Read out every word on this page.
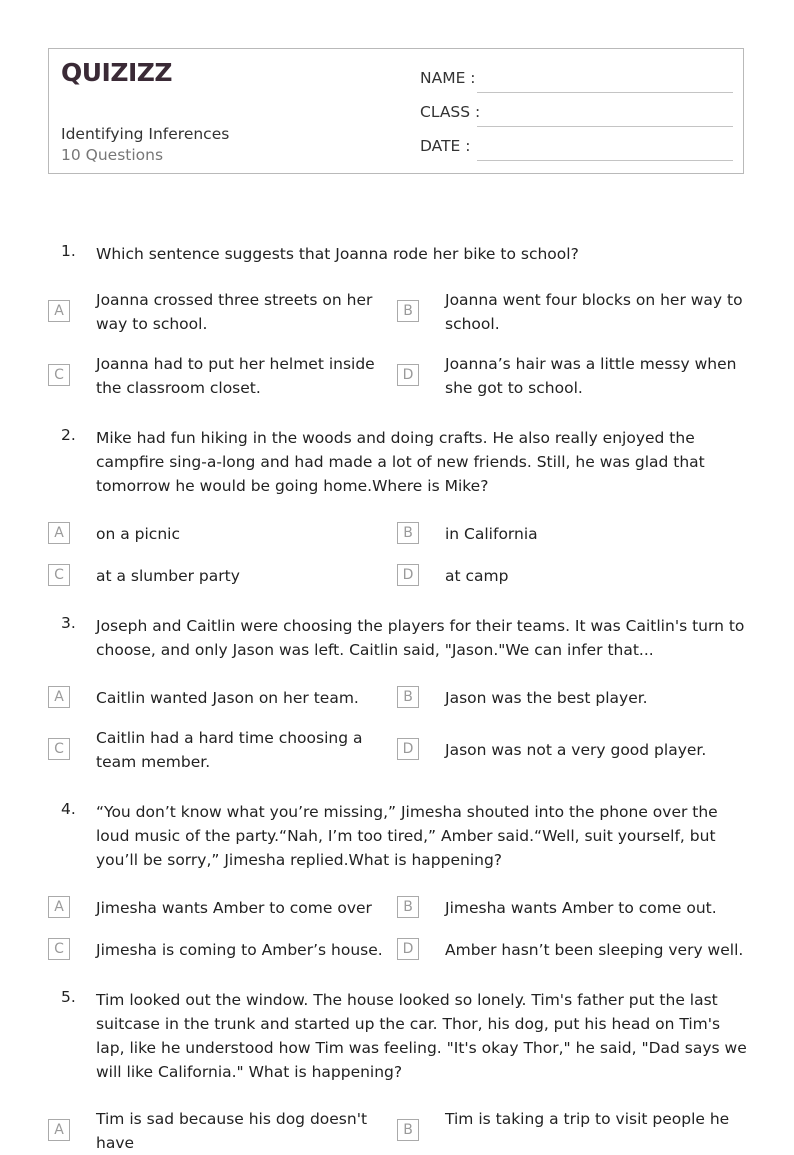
QUIZIZZ
Identifying Inferences
10 Questions
NAME :
CLASS :
DATE :
1. Which sentence suggests that Joanna rode her bike to school?
A
Joanna crossed three streets on her way to school.
B
Joanna went four blocks on her way to school.
C
Joanna had to put her helmet inside the classroom closet.
D
Joanna’s hair was a little messy when she got to school.
2. Mike had fun hiking in the woods and doing crafts. He also really enjoyed the campfire sing-a-long and had made a lot of new friends. Still, he was glad that tomorrow he would be going home.Where is Mike?
A	on a picnic	B	in California
C	at a slumber party	D	at camp
3. Joseph and Caitlin were choosing the players for their teams. It was Caitlin's turn to choose, and only Jason was left. Caitlin said, "Jason."We can infer that...
A	Caitlin wanted Jason on her team.	B	Jason was the best player.
C
Caitlin had a hard time choosing a team member.
D	Jason was not a very good player.
4. “You don’t know what you’re missing,” Jimesha shouted into the phone over the loud music of the party.“Nah, I’m too tired,” Amber said.“Well, suit yourself, but you’ll be sorry,” Jimesha replied.What is happening?
A	Jimesha wants Amber to come over	B	Jimesha wants Amber to come out.
C	Jimesha is coming to Amber’s house.	D	Amber hasn’t been sleeping very well.
5. Tim looked out the window. The house looked so lonely. Tim's father put the last suitcase in the trunk and started up the car. Thor, his dog, put his head on Tim's lap, like he understood how Tim was feeling. "It's okay Thor," he said, "Dad says we will like California." What is happening?
A
Tim is sad because his dog doesn't have
B
Tim is taking a trip to visit people he
